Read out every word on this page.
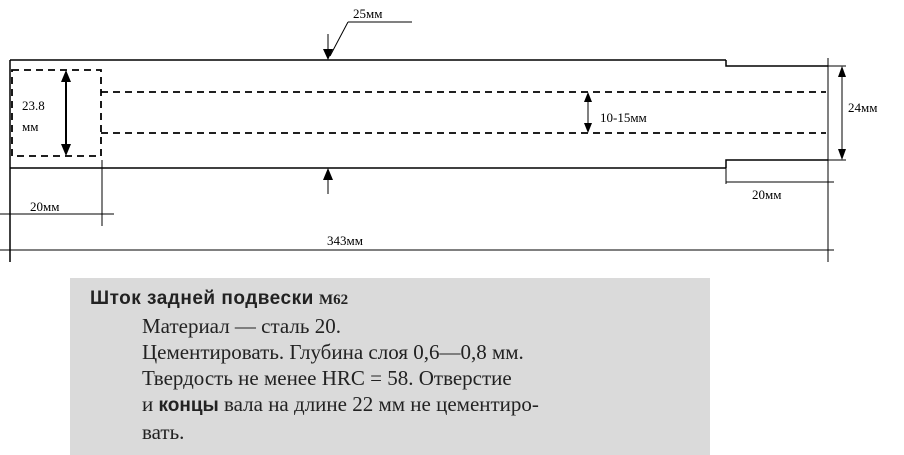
25мм
23.8
мм
10-15мм
24мм
20мм
20мм
343мм
Шток задней подвески М62
Материал — сталь 20.
Цементировать. Глубина слоя 0,6—0,8 мм.
Твердость не менее HRC = 58. Отверстие
и концы вала на длине 22 мм не цементиро-
вать.
